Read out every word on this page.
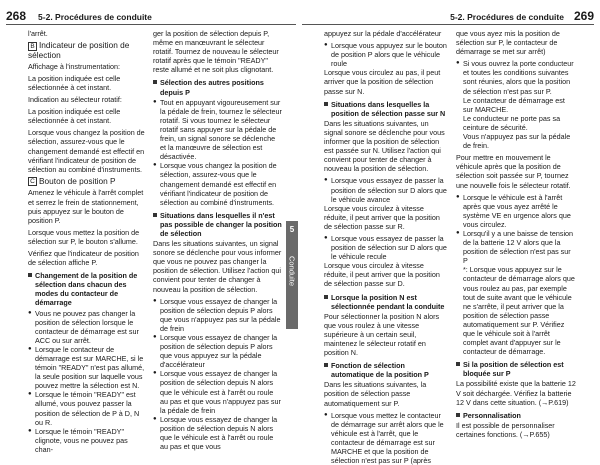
268 5-2. Procédures de conduite
l'arrêt.
B Indicateur de position de sélection
Affichage à l'instrumentation:
La position indiquée est celle sélectionnée à cet instant.
Indication au sélecteur rotatif:
La position indiquée est celle sélectionnée à cet instant.
Lorsque vous changez la position de sélection, assurez-vous que le changement demandé est effectif en vérifiant l'indicateur de position de sélection au combiné d'instruments.
C Bouton de position P
Amenez le véhicule à l'arrêt complet et serrez le frein de stationnement, puis appuyez sur le bouton de position P.
Lorsque vous mettez la position de sélection sur P, le bouton s'allume.
Vérifiez que l'indicateur de position de sélection affiche P.
Changement de la position de sélection dans chacun des modes du contacteur de démarrage
● Vous ne pouvez pas changer la position de sélection lorsque le contacteur de démarrage est sur ACC ou sur arrêt.
● Lorsque le contacteur de démarrage est sur MARCHE, si le témoin "READY" n'est pas allumé, la seule position sur laquelle vous pouvez mettre la sélection est N.
● Lorsque le témoin "READY" est allumé, vous pouvez passer la position de sélection de P à D, N ou R.
● Lorsque le témoin "READY" clignote, vous ne pouvez pas chan-
ger la position de sélection depuis P, même en manœuvrant le sélecteur rotatif. Tournez de nouveau le sélecteur rotatif après que le témoin "READY" reste allumé et ne soit plus clignotant.
Sélection des autres positions depuis P
● Tout en appuyant vigoureusement sur la pédale de frein, tournez le sélecteur rotatif. Si vous tournez le sélecteur rotatif sans appuyer sur la pédale de frein, un signal sonore se déclenche et la manœuvre de sélection est désactivée.
● Lorsque vous changez la position de sélection, assurez-vous que le changement demandé est effectif en vérifiant l'indicateur de position de sélection au combiné d'instruments.
Situations dans lesquelles il n'est pas possible de changer la position de sélection
Dans les situations suivantes, un signal sonore se déclenche pour vous informer que vous ne pouvez pas changer la position de sélection. Utilisez l'action qui convient pour tenter de changer à nouveau la position de sélection.
● Lorsque vous essayez de changer la position de sélection depuis P alors que vous n'appuyez pas sur la pédale de frein
● Lorsque vous essayez de changer la position de sélection depuis P alors que vous appuyez sur la pédale d'accélérateur
● Lorsque vous essayez de changer la position de sélection depuis N alors que le véhicule est à l'arrêt ou roule au pas et que vous n'appuyez pas sur la pédale de frein
● Lorsque vous essayez de changer la position de sélection depuis N alors que le véhicule est à l'arrêt ou roule au pas et que vous
5-2. Procédures de conduite 269
appuyez sur la pédale d'accélérateur
● Lorsque vous appuyez sur le bouton de position P alors que le véhicule roule
Lorsque vous circulez au pas, il peut arriver que la position de sélection passe sur N.
Situations dans lesquelles la position de sélection passe sur N
Dans les situations suivantes, un signal sonore se déclenche pour vous informer que la position de sélection est passée sur N. Utilisez l'action qui convient pour tenter de changer à nouveau la position de sélection.
● Lorsque vous essayez de passer la position de sélection sur D alors que le véhicule avance
Lorsque vous circulez à vitesse réduite, il peut arriver que la position de sélection passe sur R.
● Lorsque vous essayez de passer la position de sélection sur D alors que le véhicule recule
Lorsque vous circulez à vitesse réduite, il peut arriver que la position de sélection passe sur D.
Lorsque la position N est sélectionnée pendant la conduite
Pour sélectionner la position N alors que vous roulez à une vitesse supérieure à un certain seuil, maintenez le sélecteur rotatif en position N.
Fonction de sélection automatique de la position P
Dans les situations suivantes, la position de sélection passe automatiquement sur P.
● Lorsque vous mettez le contacteur de démarrage sur arrêt alors que le véhicule est à l'arrêt, que le contacteur de démarrage est sur MARCHE et que la position de sélection n'est pas sur P (après
que vous ayez mis la position de sélection sur P, le contacteur de démarrage se met sur arrêt)
● Si vous ouvrez la porte conducteur et toutes les conditions suivantes sont réunies, alors que la position de sélection n'est pas sur P.
Le contacteur de démarrage est sur MARCHE.
Le conducteur ne porte pas sa ceinture de sécurité.
Vous n'appuyez pas sur la pédale de frein.
Pour mettre en mouvement le véhicule après que la position de sélection soit passée sur P, tournez une nouvelle fois le sélecteur rotatif.
● Lorsque le véhicule est à l'arrêt après que vous ayez arrêté le système VE en urgence alors que vous circulez.
● Lorsqu'il y a une baisse de tension de la batterie 12 V alors que la position de sélection n'est pas sur P
*: Lorsque vous appuyez sur le contacteur de démarrage alors que vous roulez au pas, par exemple tout de suite avant que le véhicule ne s'arrête, il peut arriver que la position de sélection passe automatiquement sur P. Vérifiez que le véhicule soit à l'arrêt complet avant d'appuyer sur le contacteur de démarrage.
Si la position de sélection est bloquée sur P
La possibilité existe que la batterie 12 V soit déchargée. Vérifiez la batterie 12 V dans cette situation. (→P.619)
Personnalisation
Il est possible de personnaliser certaines fonctions. (→P.655)
5
Conduite
